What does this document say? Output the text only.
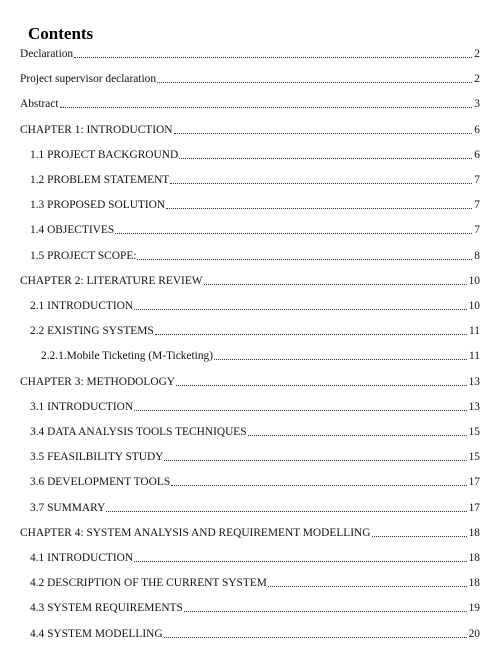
Contents
Declaration	2
Project supervisor declaration	2
Abstract	3
CHAPTER 1: INTRODUCTION	6
1.1 PROJECT BACKGROUND	6
1.2 PROBLEM STATEMENT	7
1.3 PROPOSED SOLUTION	7
1.4 OBJECTIVES	7
1.5 PROJECT SCOPE:	8
CHAPTER 2: LITERATURE REVIEW	10
2.1 INTRODUCTION	10
2.2 EXISTING SYSTEMS	11
2.2.1.Mobile Ticketing (M-Ticketing)	11
CHAPTER 3: METHODOLOGY	13
3.1 INTRODUCTION	13
3.4 DATA ANALYSIS TOOLS TECHNIQUES	15
3.5 FEASILBILITY STUDY	15
3.6 DEVELOPMENT TOOLS	17
3.7 SUMMARY	17
CHAPTER 4: SYSTEM ANALYSIS AND REQUIREMENT MODELLING	18
4.1 INTRODUCTION	18
4.2 DESCRIPTION OF THE CURRENT SYSTEM	18
4.3 SYSTEM REQUIREMENTS	19
4.4 SYSTEM MODELLING	20
